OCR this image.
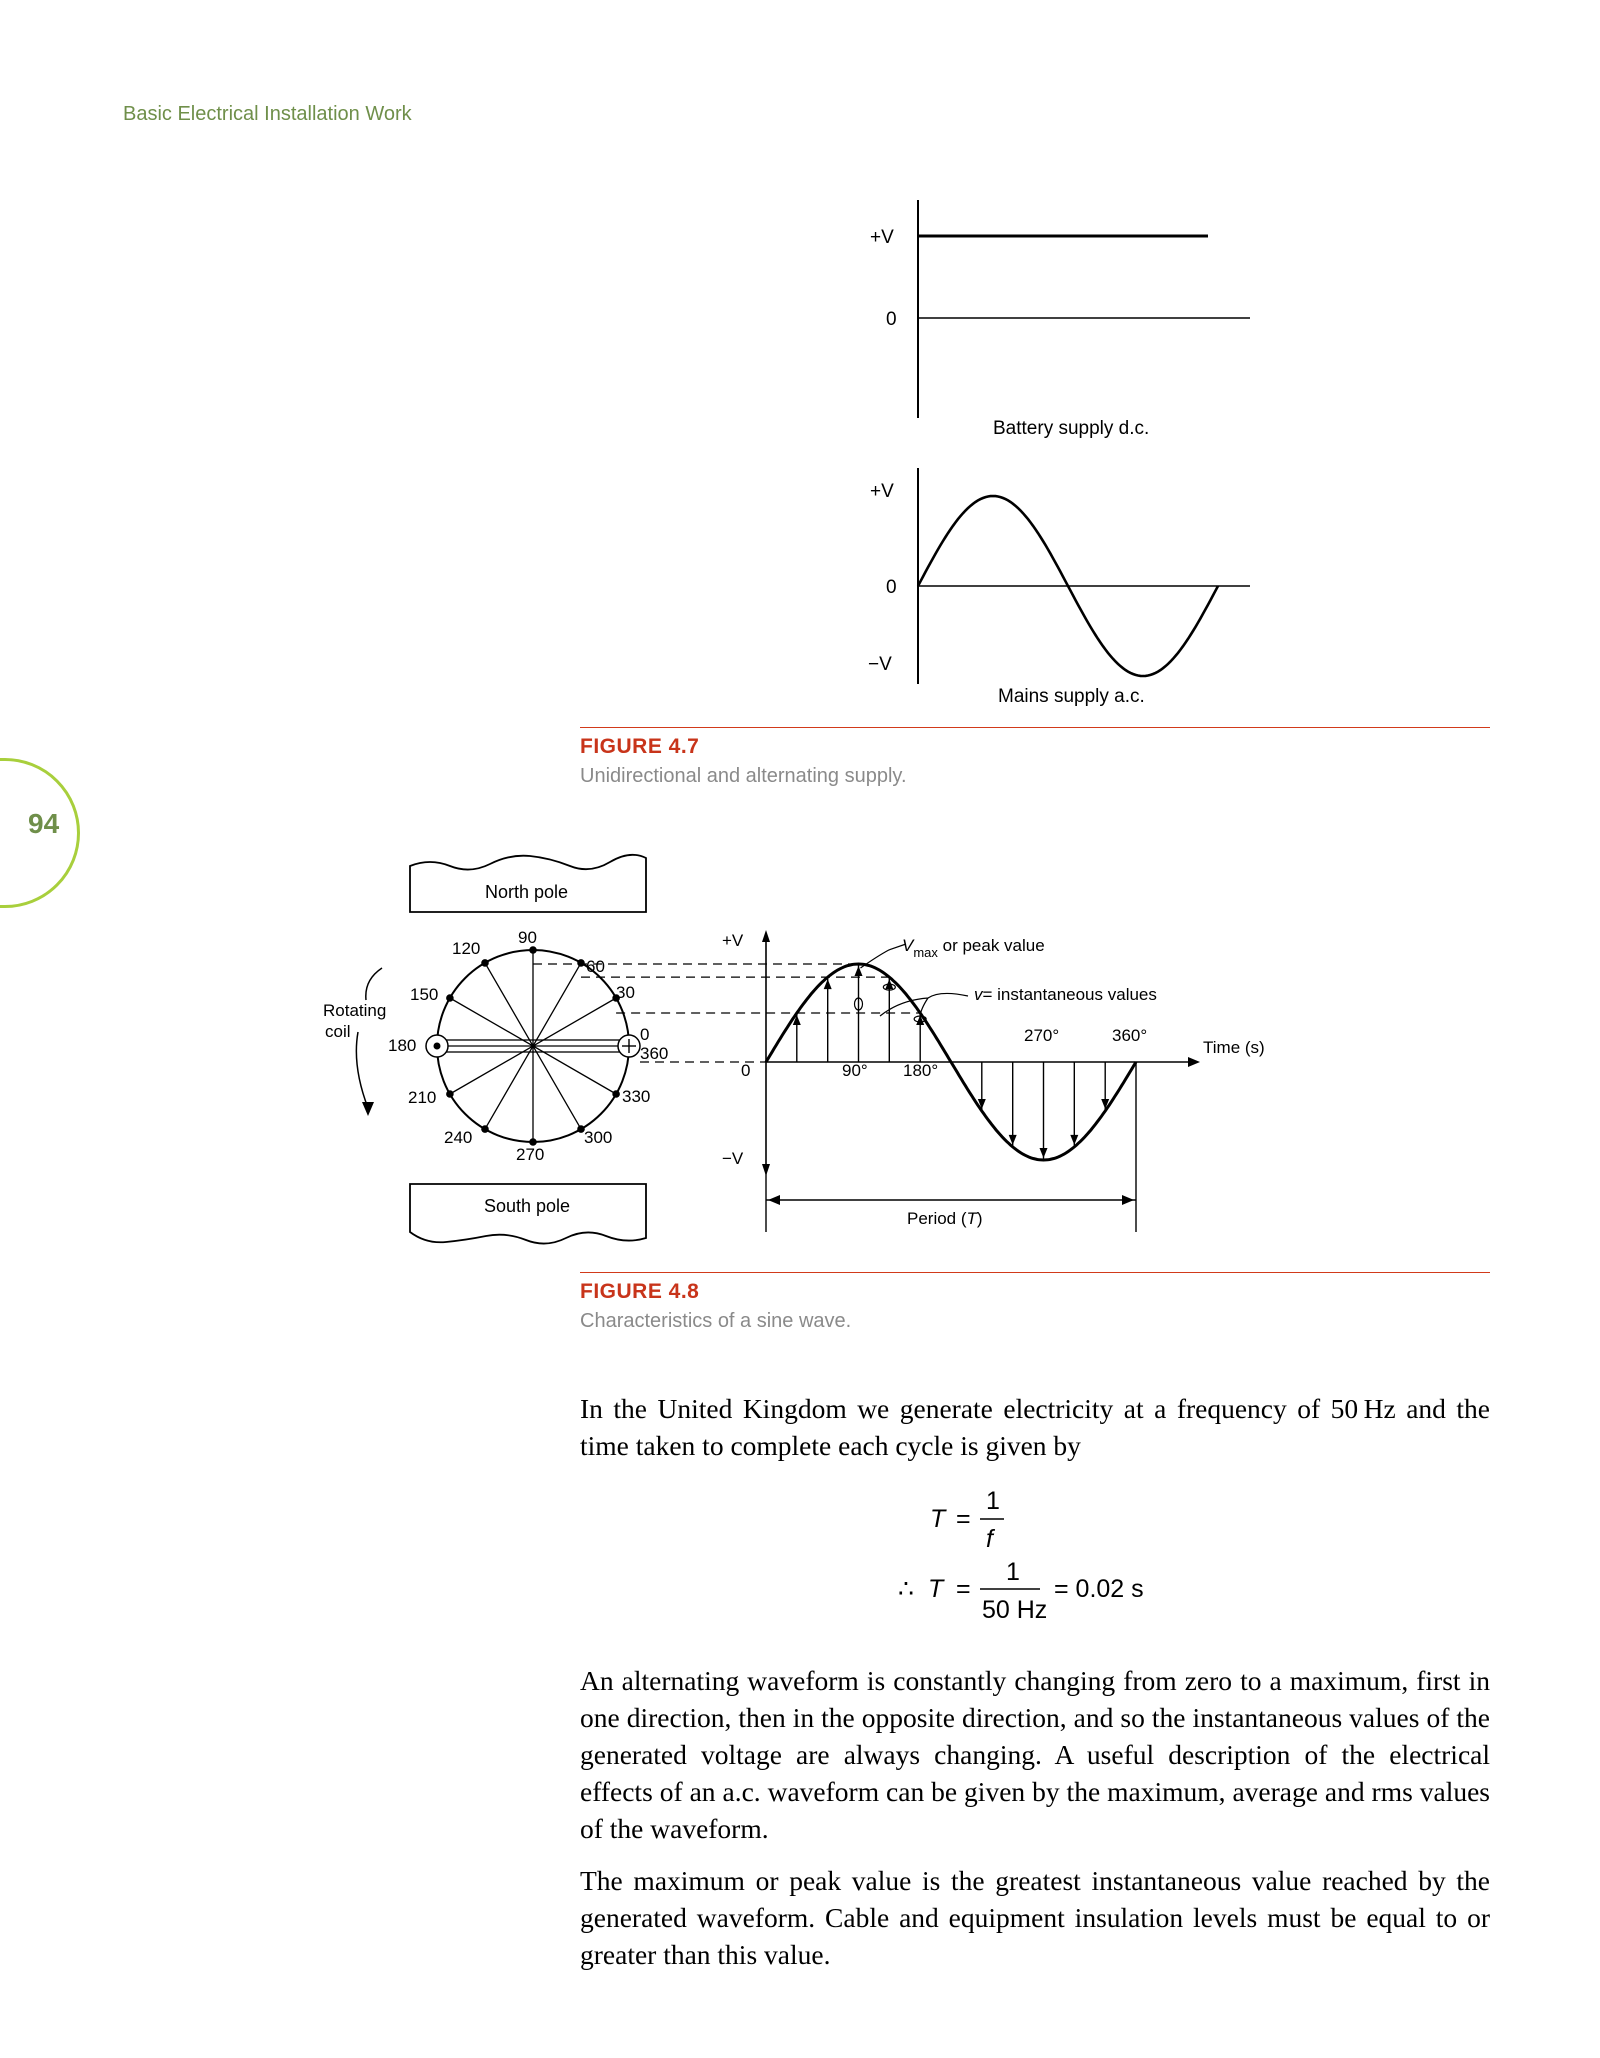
Basic Electrical Installation Work
94
+V
0
Battery supply d.c.
+V
0
−V
Mains supply a.c.
FIGURE 4.7
Unidirectional and alternating supply.
North pole
South pole
Rotating
coil
90
120
60
150	30
180
0
360
210	330
240	300
270
+V
−V
0	90° 180°
270°	360°
$V_{max}$ or peak value
v= instantaneous values
Time (s)
Period (T)
FIGURE 4.8
Characteristics of a sine wave.

In the United Kingdom we generate electricity at a frequency of 50 Hz and the time taken to complete each cycle is given by

T =
1
f
∴ T =
1
50 Hz
= 0.02 s

An alternating waveform is constantly changing from zero to a maximum, first in one direction, then in the opposite direction, and so the instantaneous values of the generated voltage are always changing. A useful description of the electrical effects of an a.c. waveform can be given by the maximum, average and rms values of the waveform.

The maximum or peak value is the greatest instantaneous value reached by the generated waveform. Cable and equipment insulation levels must be equal to or greater than this value.
